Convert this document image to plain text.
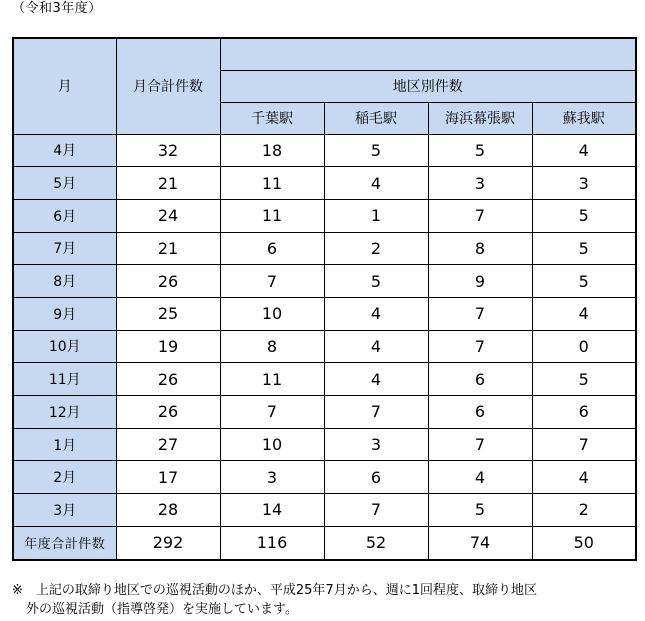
（令和3年度）
月	月合計件数				
		地区別件数			
		千葉駅	稲毛駅	海浜幕張駅	蘇我駅
4月	32	18	5	5	4
5月	21	11	4	3	3
6月	24	11	1	7	5
7月	21	6	2	8	5
8月	26	7	5	9	5
9月	25	10	4	7	4
10月	19	8	4	7	0
11月	26	11	4	6	5
12月	26	7	7	6	6
1月	27	10	3	7	7
2月	17	3	6	4	4
3月	28	14	7	5	2
年度合計件数	292	116	52	74	50
※　上記の取締り地区での巡視活動のほか、平成25年7月から、週に1回程度、取締り地区
外の巡視活動（指導啓発）を実施しています。
